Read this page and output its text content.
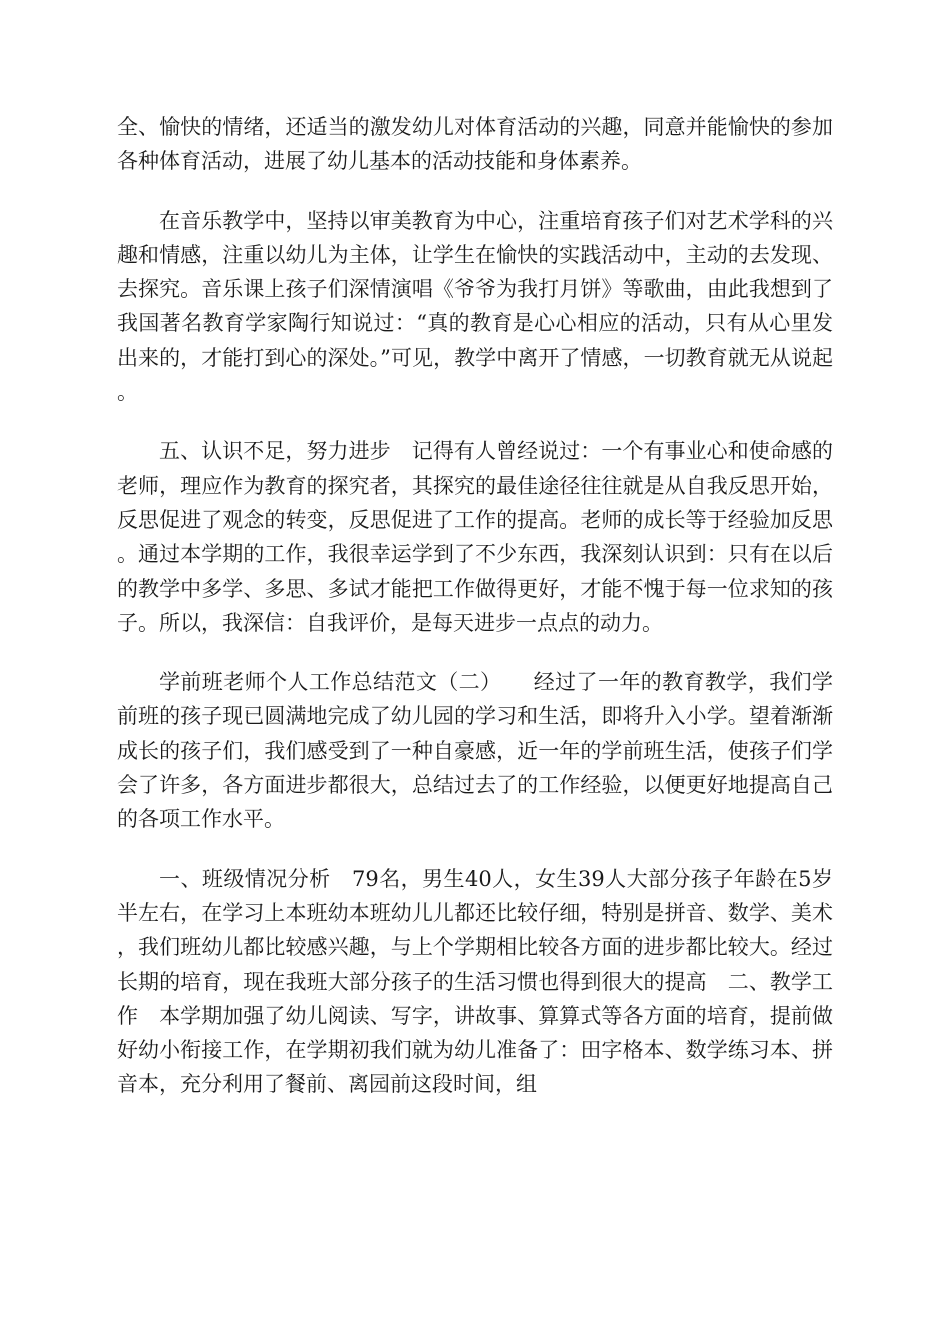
全、愉快的情绪，还适当的激发幼儿对体育活动的兴趣，同意并能愉快的参加各种体育活动，进展了幼儿基本的活动技能和身体素养。

在音乐教学中，坚持以审美教育为中心，注重培育孩子们对艺术学科的兴趣和情感，注重以幼儿为主体，让学生在愉快的实践活动中，主动的去发现、去探究。音乐课上孩子们深情演唱《爷爷为我打月饼》等歌曲，由此我想到了我国著名教育学家陶行知说过：“真的教育是心心相应的活动，只有从心里发出来的，才能打到心的深处。”可见，教学中离开了情感，一切教育就无从说起。

五、认识不足，努力进步　记得有人曾经说过：一个有事业心和使命感的老师，理应作为教育的探究者，其探究的最佳途径往往就是从自我反思开始，反思促进了观念的转变，反思促进了工作的提高。老师的成长等于经验加反思。通过本学期的工作，我很幸运学到了不少东西，我深刻认识到：只有在以后的教学中多学、多思、多试才能把工作做得更好，才能不愧于每一位求知的孩子。所以，我深信：自我评价，是每天进步一点点的动力。

学前班老师个人工作总结范文（二）　　经过了一年的教育教学，我们学前班的孩子现已圆满地完成了幼儿园的学习和生活，即将升入小学。望着渐渐成长的孩子们，我们感受到了一种自豪感，近一年的学前班生活，使孩子们学会了许多，各方面进步都很大，总结过去了的工作经验，以便更好地提高自己的各项工作水平。

一、班级情况分析　79名，男生40人，女生39人大部分孩子年龄在5岁半左右，在学习上本班幼本班幼儿儿都还比较仔细，特别是拼音、数学、美术，我们班幼儿都比较感兴趣，与上个学期相比较各方面的进步都比较大。经过长期的培育，现在我班大部分孩子的生活习惯也得到很大的提高　二、教学工作　本学期加强了幼儿阅读、写字，讲故事、算算式等各方面的培育，提前做好幼小衔接工作，在学期初我们就为幼儿准备了：田字格本、数学练习本、拼音本，充分利用了餐前、离园前这段时间，组
